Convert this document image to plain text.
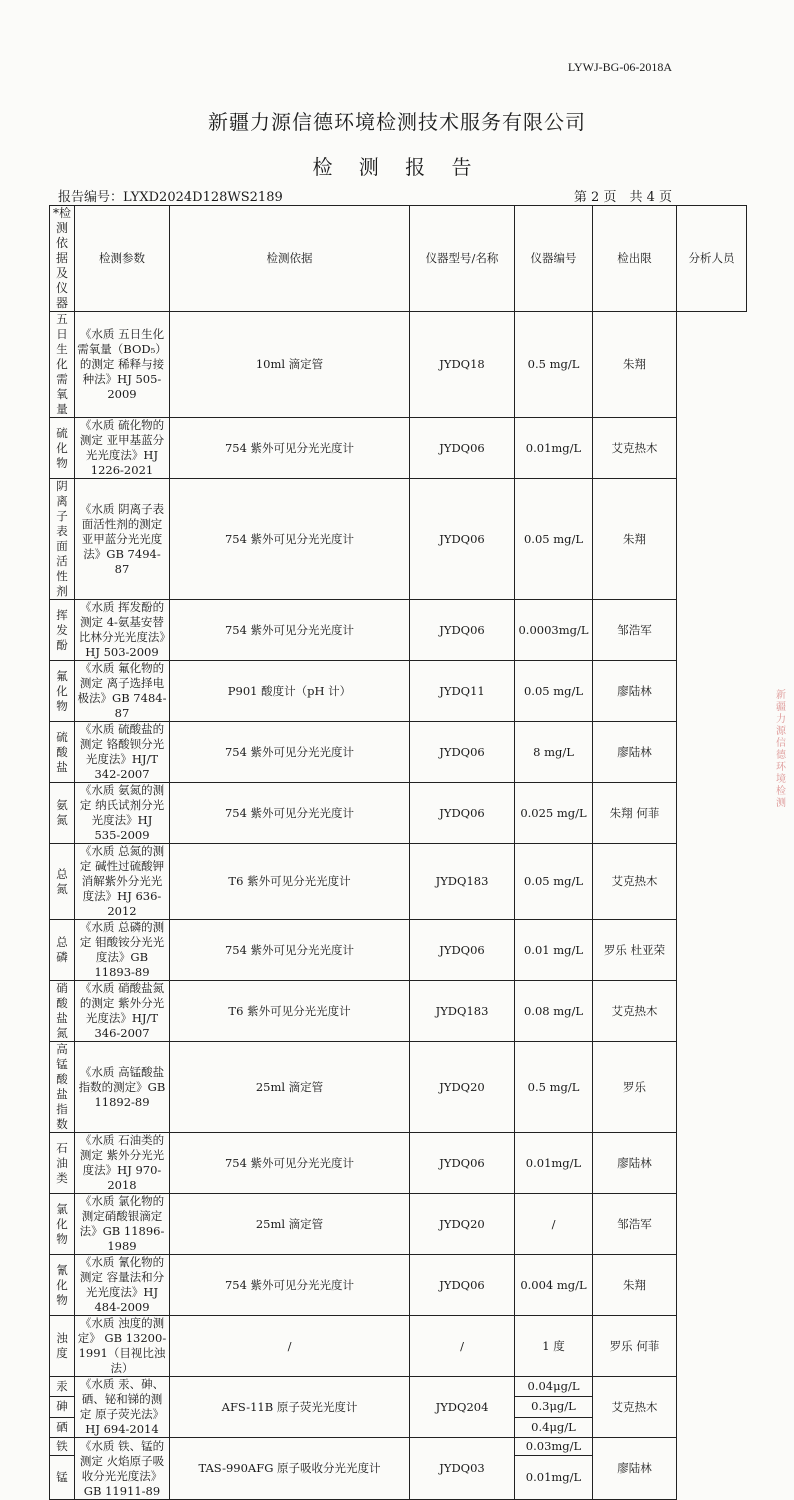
LYWJ-BG-06-2018A
新疆力源信德环境检测技术服务有限公司
检 测 报 告
报告编号：LYXD2024D128WS2189	第 2 页　共 4 页
*检测依据及仪器	检测参数	检测依据	仪器型号/名称	仪器编号	检出限	分析人员
五日生化需氧量	《水质 五日生化需氧量（BOD₅）的测定 稀释与接种法》HJ 505-2009	10ml 滴定管	JYDQ18	0.5 mg/L	朱翔	
硫化物	《水质 硫化物的测定 亚甲基蓝分光光度法》HJ 1226-2021	754 紫外可见分光光度计	JYDQ06	0.01mg/L	艾克热木	
阴离子表面活性剂	《水质 阴离子表面活性剂的测定 亚甲蓝分光光度法》GB 7494-87	754 紫外可见分光光度计	JYDQ06	0.05 mg/L	朱翔	
挥发酚	《水质 挥发酚的测定 4-氨基安替比林分光光度法》HJ 503-2009	754 紫外可见分光光度计	JYDQ06	0.0003mg/L	邹浩军	
氟化物	《水质 氟化物的测定 离子选择电极法》GB 7484-87	P901 酸度计（pH 计）	JYDQ11	0.05 mg/L	廖陆林	
硫酸盐	《水质 硫酸盐的测定 铬酸钡分光光度法》HJ/T 342-2007	754 紫外可见分光光度计	JYDQ06	8 mg/L	廖陆林	
氨氮	《水质 氨氮的测定 纳氏试剂分光光度法》HJ 535-2009	754 紫外可见分光光度计	JYDQ06	0.025 mg/L	朱翔 何菲	
总氮	《水质 总氮的测定 碱性过硫酸钾消解紫外分光光度法》HJ 636-2012	T6 紫外可见分光光度计	JYDQ183	0.05 mg/L	艾克热木	
总磷	《水质 总磷的测定 钼酸铵分光光度法》GB 11893-89	754 紫外可见分光光度计	JYDQ06	0.01 mg/L	罗乐 杜亚荣	
硝酸盐氮	《水质 硝酸盐氮的测定 紫外分光光度法》HJ/T 346-2007	T6 紫外可见分光光度计	JYDQ183	0.08 mg/L	艾克热木	
高锰酸盐指数	《水质 高锰酸盐指数的测定》GB 11892-89	25ml 滴定管	JYDQ20	0.5 mg/L	罗乐	
石油类	《水质 石油类的测定 紫外分光光度法》HJ 970-2018	754 紫外可见分光光度计	JYDQ06	0.01mg/L	廖陆林	
氯化物	《水质 氯化物的测定硝酸银滴定法》GB 11896-1989	25ml 滴定管	JYDQ20	/	邹浩军	
氰化物	《水质 氰化物的测定 容量法和分光光度法》HJ 484-2009	754 紫外可见分光光度计	JYDQ06	0.004 mg/L	朱翔	
浊度	《水质 浊度的测定》 GB 13200-1991（目视比浊法）	/	/	1 度	罗乐 何菲	
汞	《水质 汞、砷、硒、铋和锑的测定 原子荧光法》HJ 694-2014	AFS-11B 原子荧光光度计	JYDQ204	0.04μg/L	艾克热木	
砷				0.3μg/L		
硒				0.4μg/L		
铁	《水质 铁、锰的测定 火焰原子吸收分光光度法》GB 11911-89	TAS-990AFG 原子吸收分光光度计	JYDQ03	0.03mg/L	廖陆林	
锰				0.01mg/L		
新疆力源信德环境检测
